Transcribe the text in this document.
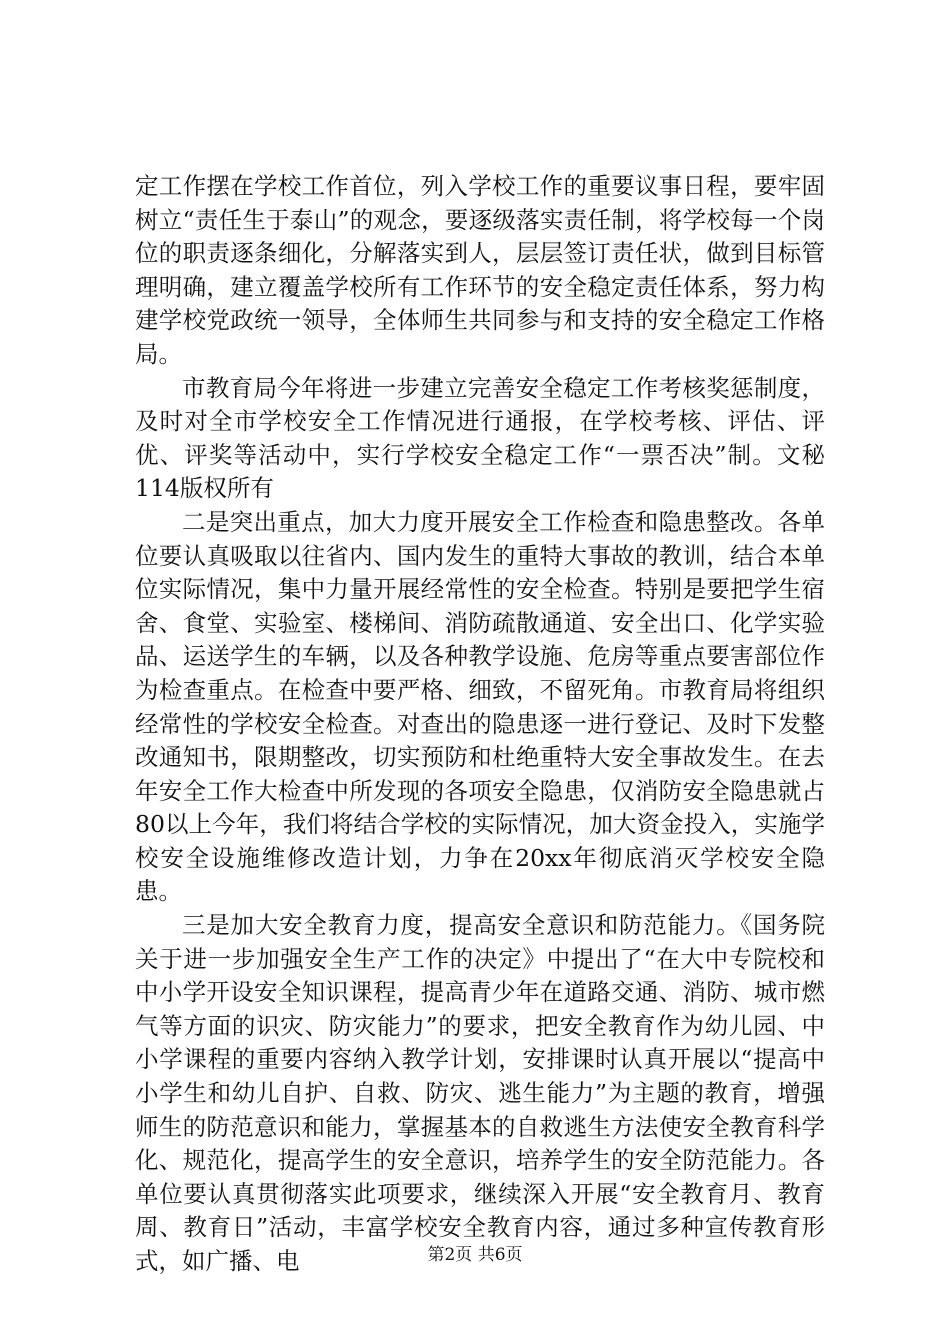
定工作摆在学校工作首位，列入学校工作的重要议事日程，要牢固树立“责任生于泰山”的观念，要逐级落实责任制，将学校每一个岗位的职责逐条细化，分解落实到人，层层签订责任状，做到目标管理明确，建立覆盖学校所有工作环节的安全稳定责任体系，努力构建学校党政统一领导，全体师生共同参与和支持的安全稳定工作格局。

市教育局今年将进一步建立完善安全稳定工作考核奖惩制度，及时对全市学校安全工作情况进行通报，在学校考核、评估、评优、评奖等活动中，实行学校安全稳定工作“一票否决”制。文秘114版权所有

二是突出重点，加大力度开展安全工作检查和隐患整改。各单位要认真吸取以往省内、国内发生的重特大事故的教训，结合本单位实际情况，集中力量开展经常性的安全检查。特别是要把学生宿舍、食堂、实验室、楼梯间、消防疏散通道、安全出口、化学实验品、运送学生的车辆，以及各种教学设施、危房等重点要害部位作为检查重点。在检查中要严格、细致，不留死角。市教育局将组织经常性的学校安全检查。对查出的隐患逐一进行登记、及时下发整改通知书，限期整改，切实预防和杜绝重特大安全事故发生。在去年安全工作大检查中所发现的各项安全隐患，仅消防安全隐患就占80以上今年，我们将结合学校的实际情况，加大资金投入，实施学校安全设施维修改造计划，力争在20xx年彻底消灭学校安全隐患。

三是加大安全教育力度，提高安全意识和防范能力。《国务院关于进一步加强安全生产工作的决定》中提出了“在大中专院校和中小学开设安全知识课程，提高青少年在道路交通、消防、城市燃气等方面的识灾、防灾能力”的要求，把安全教育作为幼儿园、中小学课程的重要内容纳入教学计划，安排课时认真开展以“提高中小学生和幼儿自护、自救、防灾、逃生能力”为主题的教育，增强师生的防范意识和能力，掌握基本的自救逃生方法使安全教育科学化、规范化，提高学生的安全意识，培养学生的安全防范能力。各单位要认真贯彻落实此项要求，继续深入开展“安全教育月、教育周、教育日”活动，丰富学校安全教育内容，通过多种宣传教育形式，如广播、电	第2页 共6页
